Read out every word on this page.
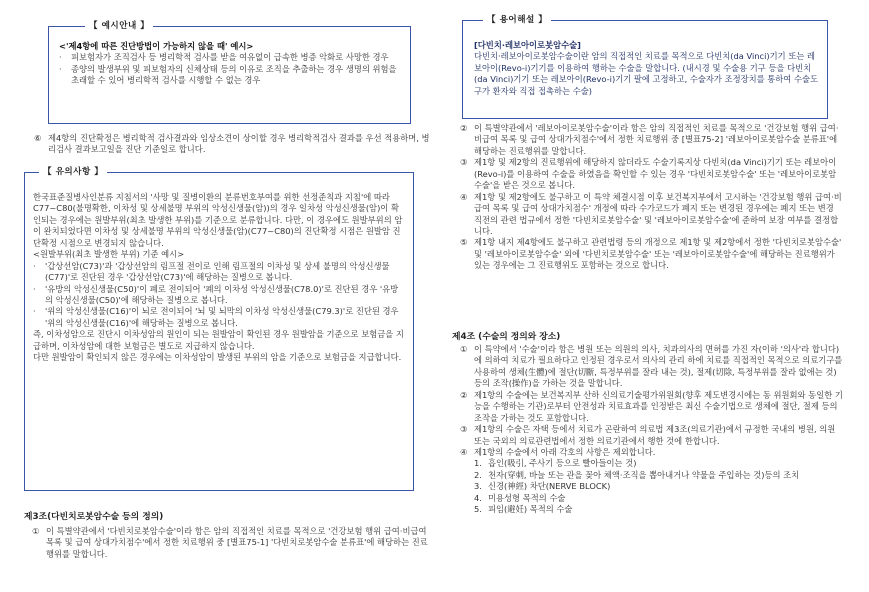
【 예시안내 】

<'제4항에 따른 진단방법이 가능하지 않을 때' 예시>

· 피보험자가 조직검사 등 병리학적 검사를 받을 여유없이 급속한 병증 악화로 사망한 경우

· 종양의 발생부위 및 피보험자의 신체상태 등의 이유로 조직을 추출하는 경우 생명의 위험을 초래할 수 있어 병리학적 검사를 시행할 수 없는 경우

⑥ 제4항의 진단확정은 병리학적 검사결과와 임상소견이 상이할 경우 병리학적검사 결과를 우선 적용하며, 병리검사 결과보고일을 진단 기준일로 합니다.

【 유의사항 】

한국표준질병사인분류 지침서의 '사망 및 질병이환의 분류번호부여를 위한 선정준칙과 지침'에 따라 C77~C80(불명확한, 이차성 및 상세불명 부위의 악성신생물(암))의 경우 일차성 악성신생물(암)이 확인되는 경우에는 원발부위(최초 발생한 부위)를 기준으로 분류합니다. 다만, 이 경우에도 원발부위의 암이 완치되었다면 이차성 및 상세불명 부위의 악성신생물(암)(C77~C80)의 진단확정 시점은 원발암 진단확정 시점으로 변경되지 않습니다.

<원발부위(최초 발생한 부위) 기준 예시>

· '갑상선암(C73)'과 '갑상선암의 림프절 전이로 인해 림프절의 이차성 및 상세 불명의 악성신생물(C77)'로 진단된 경우 '갑상선암(C73)'에 해당하는 질병으로 봅니다.

· '유방의 악성신생물(C50)'이 폐로 전이되어 '폐의 이차성 악성신생물(C78.0)'로 진단된 경우 '유방의 악성신생물(C50)'에 해당하는 질병으로 봅니다.

· '위의 악성신생물(C16)'이 뇌로 전이되어 '뇌 및 뇌막의 이차성 악성신생물(C79.3)'로 진단된 경우 '위의 악성신생물(C16)'에 해당하는 질병으로 봅니다.

즉, 이차성암으로 진단시 이차성암의 원인이 되는 원발암이 확인된 경우 원발암을 기준으로 보험금을 지급하며, 이차성암에 대한 보험금은 별도로 지급하지 않습니다.

다만 원발암이 확인되지 않은 경우에는 이차성암이 발생된 부위의 암을 기준으로 보험금을 지급합니다.

제3조(다빈치로봇암수술 등의 정의)

① 이 특별약관에서 '다빈치로봇암수술'이라 함은 암의 직접적인 치료를 목적으로 '건강보험 행위 급여·비급여 목록 및 급여 상대가치점수'에서 정한 치료행위 중 [별표75-1] '다빈치로봇암수술 분류표'에 해당하는 진료행위를 말합니다.

【 용어해설 】

[다빈치·레보아이로봇암수술]

다빈치·레보아이로봇암수술이란 암의 직접적인 치료를 목적으로 다빈치(da Vinci)기기 또는 레보아이(Revo-i)기기를 이용하여 행하는 수술을 말합니다. (내시경 및 수술용 기구 등을 다빈치(da Vinci)기기 또는 레보아이(Revo-i)기기 팔에 고정하고, 수술자가 조정장치를 통하여 수술도구가 환자와 직접 접촉하는 수술)

② 이 특별약관에서 '레보아이로봇암수술'이라 함은 암의 직접적인 치료를 목적으로 '건강보험 행위 급여·비급여 목록 및 급여 상대가치점수'에서 정한 치료행위 중 [별표75-2] '레보아이로봇암수술 분류표'에 해당하는 진료행위를 말합니다.

③ 제1항 및 제2항의 진료행위에 해당하지 않더라도 수술기록지상 다빈치(da Vinci)기기 또는 레보아이(Revo-i)를 이용하여 수술을 하였음을 확인할 수 있는 경우 '다빈치로봇암수술' 또는 '레보아이로봇암수술'을 받은 것으로 봅니다.

④ 제1항 및 제2항에도 불구하고 이 특약 체결시점 이후 보건복지부에서 고시하는 '건강보험 행위 급여·비급여 목록 및 급여 상대가치점수' 개정에 따라 수가코드가 폐지 또는 변경된 경우에는 폐지 또는 변경 직전의 관련 법규에서 정한 '다빈치로봇암수술' 및 '레보아이로봇암수술'에 준하여 보장 여부를 결정합니다.

⑤ 제1항 내지 제4항에도 불구하고 관련법령 등의 개정으로 제1항 및 제2항에서 정한 '다빈치로봇암수술' 및 '레보아이로봇암수술' 외에 '다빈치로봇암수술' 또는 '레보아이로봇암수술'에 해당하는 진료행위가 있는 경우에는 그 진료행위도 포함하는 것으로 합니다.

제4조 (수술의 정의와 장소)

① 이 특약에서 '수술'이라 함은 병원 또는 의원의 의사, 치과의사의 면허를 가진 자(이하 '의사'라 합니다)에 의하여 치료가 필요하다고 인정된 경우로서 의사의 관리 하에 치료를 직접적인 목적으로 의료기구를 사용하여 생체(生體)에 절단(切斷, 특정부위를 잘라 내는 것), 절제(切除, 특정부위를 잘라 없애는 것) 등의 조작(操作)을 가하는 것을 말합니다.

② 제1항의 수술에는 보건복지부 산하 신의료기술평가위원회(향후 제도변경시에는 동 위원회와 동일한 기능을 수행하는 기관)로부터 안전성과 치료효과를 인정받은 최신 수술기법으로 생체에 절단, 절제 등의 조작을 가하는 것도 포함합니다.

③ 제1항의 수술은 자택 등에서 치료가 곤란하여 의료법 제3조(의료기관)에서 규정한 국내의 병원, 의원 또는 국외의 의료관련법에서 정한 의료기관에서 행한 것에 한합니다.

④ 제1항의 수술에서 아래 각호의 사항은 제외합니다.

1. 흡인(吸引, 주사기 등으로 빨아들이는 것)

2. 천자(穿刺, 바늘 또는 관을 꽂아 체액·조직을 뽑아내거나 약물을 주입하는 것)등의 조치

3. 신경(神經) 차단(NERVE BLOCK)

4. 미용성형 목적의 수술

5. 피임(避妊) 목적의 수술
